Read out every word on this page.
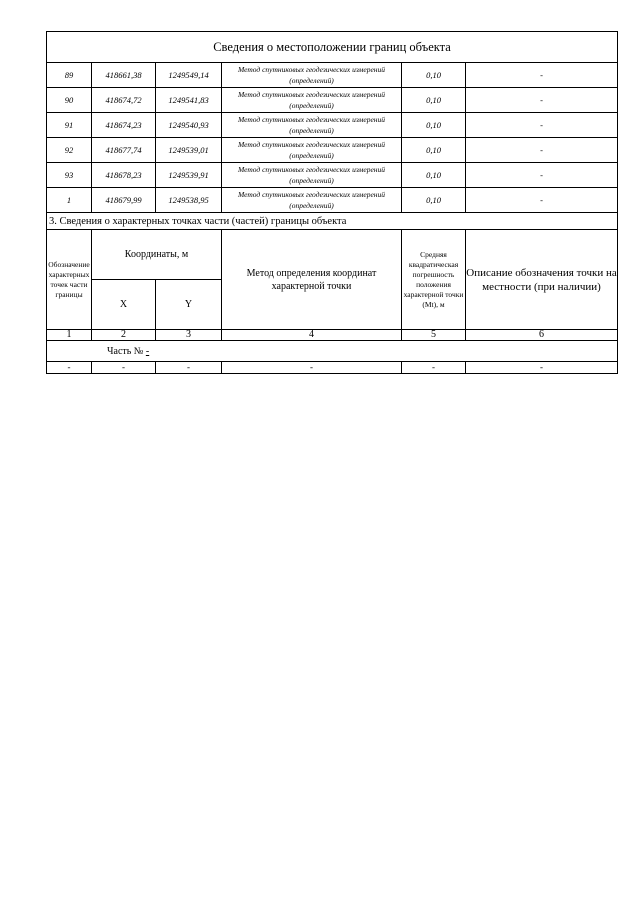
Сведения о местоположении границ объекта					
89	418661,38	1249549,14	Метод спутниковых геодезических измерений (определений)	0,10	-
90	418674,72	1249541,83	Метод спутниковых геодезических измерений (определений)	0,10	-
91	418674,23	1249540,93	Метод спутниковых геодезических измерений (определений)	0,10	-
92	418677,74	1249539,01	Метод спутниковых геодезических измерений (определений)	0,10	-
93	418678,23	1249539,91	Метод спутниковых геодезических измерений (определений)	0,10	-
1	418679,99	1249538,95	Метод спутниковых геодезических измерений (определений)	0,10	-
3. Сведения о характерных точках части (частей) границы объекта					
Обозначение характерных точек части границы	Координаты, м		Метод определения координат характерной точки	Средняя квадратическая погрешность положения характерной точки (Mt), м	Описание обозначения точки на местности (при наличии)
	X	Y			
1	2	3	4	5	6
Часть № -					
-	-	-	-	-	-
